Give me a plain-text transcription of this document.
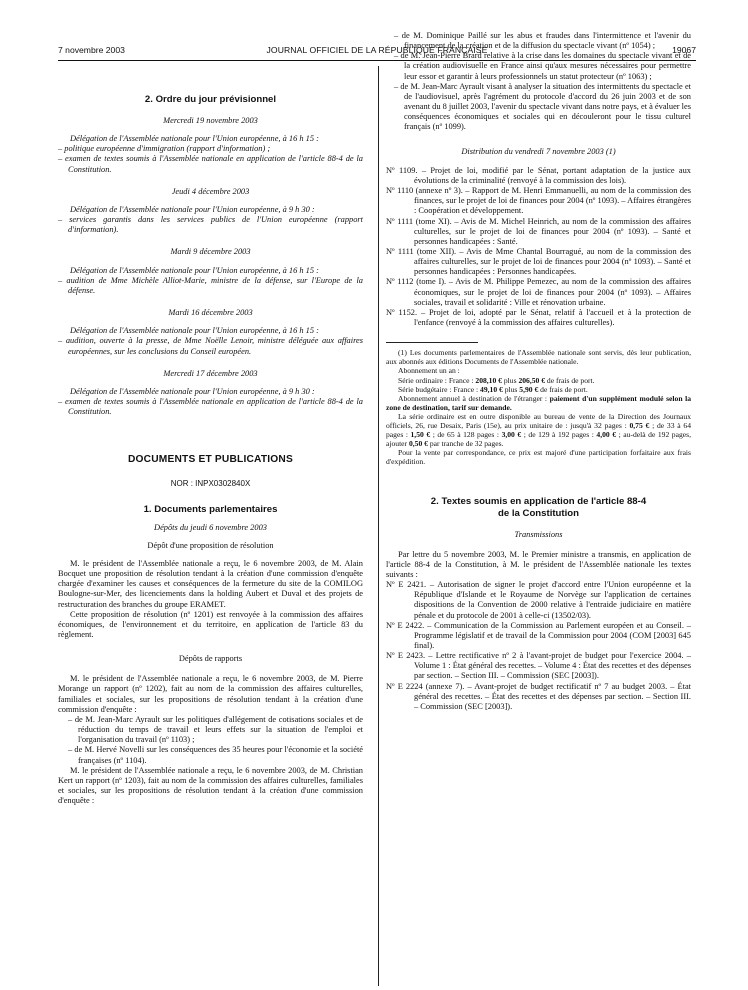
7 novembre 2003	JOURNAL OFFICIEL DE LA RÉPUBLIQUE FRANÇAISE	19067
2. Ordre du jour prévisionnel
Mercredi 19 novembre 2003

Délégation de l'Assemblée nationale pour l'Union européenne, à 16 h 15 :

– politique européenne d'immigration (rapport d'information) ;

– examen de textes soumis à l'Assemblée nationale en application de l'article 88-4 de la Constitution.

Jeudi 4 décembre 2003

Délégation de l'Assemblée nationale pour l'Union européenne, à 9 h 30 :

– services garantis dans les services publics de l'Union européenne (rapport d'information).

Mardi 9 décembre 2003

Délégation de l'Assemblée nationale pour l'Union européenne, à 16 h 15 :

– audition de Mme Michèle Alliot-Marie, ministre de la défense, sur l'Europe de la défense.

Mardi 16 décembre 2003

Délégation de l'Assemblée nationale pour l'Union européenne, à 16 h 15 :

– audition, ouverte à la presse, de Mme Noëlle Lenoir, ministre déléguée aux affaires européennes, sur les conclusions du Conseil européen.

Mercredi 17 décembre 2003

Délégation de l'Assemblée nationale pour l'Union européenne, à 9 h 30 :

– examen de textes soumis à l'Assemblée nationale en application de l'article 88-4 de la Constitution.

DOCUMENTS ET PUBLICATIONS
NOR : INPX0302840X
1. Documents parlementaires
Dépôts du jeudi 6 novembre 2003
Dépôt d'une proposition de résolution

M. le président de l'Assemblée nationale a reçu, le 6 novembre 2003, de M. Alain Bocquet une proposition de résolution tendant à la création d'une commission d'enquête chargée d'examiner les causes et conséquences de la fermeture du site de la COMILOG Boulogne-sur-Mer, des licenciements dans la holding Aubert et Duval et des projets de restructuration des branches du groupe ERAMET.

Cette proposition de résolution (nº 1201) est renvoyée à la commission des affaires économiques, de l'environnement et du territoire, en application de l'article 83 du règlement.

Dépôts de rapports

M. le président de l'Assemblée nationale a reçu, le 6 novembre 2003, de M. Pierre Morange un rapport (nº 1202), fait au nom de la commission des affaires culturelles, familiales et sociales, sur les propositions de résolution tendant à la création d'une commission d'enquête :

– de M. Jean-Marc Ayrault sur les politiques d'allégement de cotisations sociales et de réduction du temps de travail et leurs effets sur la situation de l'emploi et l'organisation du travail (nº 1103) ;

– de M. Hervé Novelli sur les conséquences des 35 heures pour l'économie et la société françaises (nº 1104).

M. le président de l'Assemblée nationale a reçu, le 6 novembre 2003, de M. Christian Kert un rapport (nº 1203), fait au nom de la commission des affaires culturelles, familiales et sociales, sur les propositions de résolution tendant à la création d'une commission d'enquête :

– de M. Dominique Paillé sur les abus et fraudes dans l'intermittence et l'avenir du financement de la création et de la diffusion du spectacle vivant (nº 1054) ;

– de M. Jean-Pierre Brard relative à la crise dans les domaines du spectacle vivant et de la création audiovisuelle en France ainsi qu'aux mesures nécessaires pour permettre leur essor et garantir à leurs professionnels un statut protecteur (nº 1063) ;

– de M. Jean-Marc Ayrault visant à analyser la situation des intermittents du spectacle et de l'audiovisuel, après l'agrément du protocole d'accord du 26 juin 2003 et de son avenant du 8 juillet 2003, l'avenir du spectacle vivant dans notre pays, et à évaluer les conséquences économiques et sociales qui en découleront pour le tissu culturel français (nº 1099).

Distribution du vendredi 7 novembre 2003 (1)

Nº 1109. – Projet de loi, modifié par le Sénat, portant adaptation de la justice aux évolutions de la criminalité (renvoyé à la commission des lois).

Nº 1110 (annexe nº 3). – Rapport de M. Henri Emmanuelli, au nom de la commission des finances, sur le projet de loi de finances pour 2004 (nº 1093). – Affaires étrangères : Coopération et développement.

Nº 1111 (tome XI). – Avis de M. Michel Heinrich, au nom de la commission des affaires culturelles, sur le projet de loi de finances pour 2004 (nº 1093). – Santé et personnes handicapées : Santé.

Nº 1111 (tome XII). – Avis de Mme Chantal Bourragué, au nom de la commission des affaires culturelles, sur le projet de loi de finances pour 2004 (nº 1093). – Santé et personnes handicapées : Personnes handicapées.

Nº 1112 (tome I). – Avis de M. Philippe Pemezec, au nom de la commission des affaires économiques, sur le projet de loi de finances pour 2004 (nº 1093). – Affaires sociales, travail et solidarité : Ville et rénovation urbaine.

Nº 1152. – Projet de loi, adopté par le Sénat, relatif à l'accueil et à la protection de l'enfance (renvoyé à la commission des affaires culturelles).

(1) Les documents parlementaires de l'Assemblée nationale sont servis, dès leur publication, aux abonnés aux éditions Documents de l'Assemblée nationale.

Abonnement un an :

Série ordinaire : France : 208,10 € plus 206,50 € de frais de port.

Série budgétaire : France : 49,10 € plus 5,90 € de frais de port.

Abonnement annuel à destination de l'étranger : paiement d'un supplément modulé selon la zone de destination, tarif sur demande.

La série ordinaire est en outre disponible au bureau de vente de la Direction des Journaux officiels, 26, rue Desaix, Paris (15e), au prix unitaire de : jusqu'à 32 pages : 0,75 € ; de 33 à 64 pages : 1,50 € ; de 65 à 128 pages : 3,00 € ; de 129 à 192 pages : 4,00 € ; au-delà de 192 pages, ajouter 0,50 € par tranche de 32 pages.

Pour la vente par correspondance, ce prix est majoré d'une participation forfaitaire aux frais d'expédition.

2. Textes soumis en application de l'article 88-4
de la Constitution
Transmissions

Par lettre du 5 novembre 2003, M. le Premier ministre a transmis, en application de l'article 88-4 de la Constitution, à M. le président de l'Assemblée nationale les textes suivants :

Nº E 2421. – Autorisation de signer le projet d'accord entre l'Union européenne et la République d'Islande et le Royaume de Norvège sur l'application de certaines dispositions de la Convention de 2000 relative à l'entraide judiciaire en matière pénale et du protocole de 2001 à celle-ci (13502/03).

Nº E 2422. – Communication de la Commission au Parlement européen et au Conseil. – Programme législatif et de travail de la Commission pour 2004 (COM [2003] 645 final).

Nº E 2423. – Lettre rectificative nº 2 à l'avant-projet de budget pour l'exercice 2004. – Volume 1 : État général des recettes. – Volume 4 : État des recettes et des dépenses par section. – Section III. – Commission (SEC [2003]).

Nº E 2224 (annexe 7). – Avant-projet de budget rectificatif nº 7 au budget 2003. – État général des recettes. – État des recettes et des dépenses par section. – Section III. – Commission (SEC [2003]).
